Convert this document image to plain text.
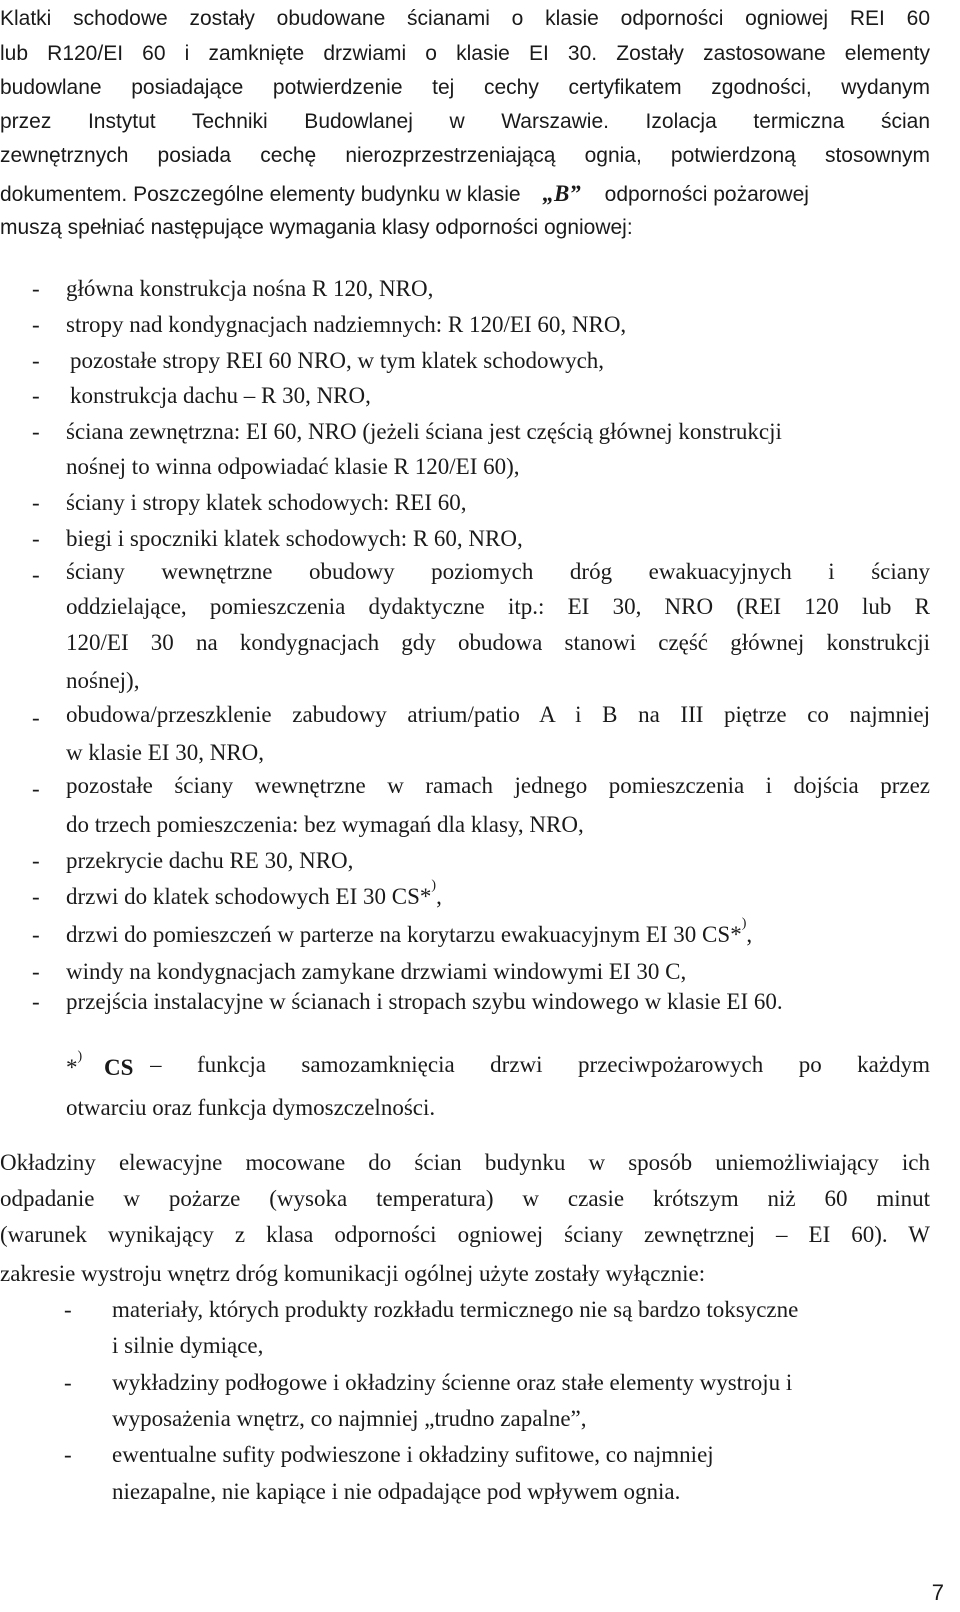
Klatki schodowe zostały obudowane ścianami o klasie odporności ogniowej REI 60
lub R120/EI 60 i zamknięte drzwiami o klasie EI 30. Zostały zastosowane elementy
budowlane posiadające potwierdzenie tej cechy certyfikatem zgodności, wydanym
przez Instytut Techniki Budowlanej w Warszawie. Izolacja termiczna ścian
zewnętrznych posiada cechę nierozprzestrzeniającą ognia, potwierdzoną stosownym
dokumentem. Poszczególne elementy budynku w klasie „B” odporności pożarowej
muszą spełniać następujące wymagania klasy odporności ogniowej:
- główna konstrukcja nośna R 120, NRO,
- stropy nad kondygnacjach nadziemnych: R 120/EI 60, NRO,
- pozostałe stropy REI 60 NRO, w tym klatek schodowych,
- konstrukcja dachu – R 30, NRO,
- ściana zewnętrzna: EI 60, NRO (jeżeli ściana jest częścią głównej konstrukcji
nośnej to winna odpowiadać klasie R 120/EI 60),
- ściany i stropy klatek schodowych: REI 60,
- biegi i spoczniki klatek schodowych: R 60, NRO,
- ściany wewnętrzne obudowy poziomych dróg ewakuacyjnych i ściany
oddzielające, pomieszczenia dydaktyczne itp.: EI 30, NRO (REI 120 lub R
120/EI 30 na kondygnacjach gdy obudowa stanowi część głównej konstrukcji
nośnej),
- obudowa/przeszklenie zabudowy atrium/patio A i B na III piętrze co najmniej
w klasie EI 30, NRO,
- pozostałe ściany wewnętrzne w ramach jednego pomieszczenia i dojścia przez
do trzech pomieszczenia: bez wymagań dla klasy, NRO,
- przekrycie dachu RE 30, NRO,
- drzwi do klatek schodowych EI 30 CS*),
- drzwi do pomieszczeń w parterze na korytarzu ewakuacyjnym EI 30 CS*),
- windy na kondygnacjach zamykane drzwiami windowymi EI 30 C,
- przejścia instalacyjne w ścianach i stropach szybu windowego w klasie EI 60.
*) CS – funkcja samozamknięcia drzwi przeciwpożarowych po każdym
otwarciu oraz funkcja dymoszczelności.
Okładziny elewacyjne mocowane do ścian budynku w sposób uniemożliwiający ich
odpadanie w pożarze (wysoka temperatura) w czasie krótszym niż 60 minut
(warunek wynikający z klasa odporności ogniowej ściany zewnętrznej – EI 60). W
zakresie wystroju wnętrz dróg komunikacji ogólnej użyte zostały wyłącznie:
- materiały, których produkty rozkładu termicznego nie są bardzo toksyczne
i silnie dymiące,
- wykładziny podłogowe i okładziny ścienne oraz stałe elementy wystroju i
wyposażenia wnętrz, co najmniej „trudno zapalne”,
- ewentualne sufity podwieszone i okładziny sufitowe, co najmniej
niezapalne, nie kapiące i nie odpadające pod wpływem ognia.
7
